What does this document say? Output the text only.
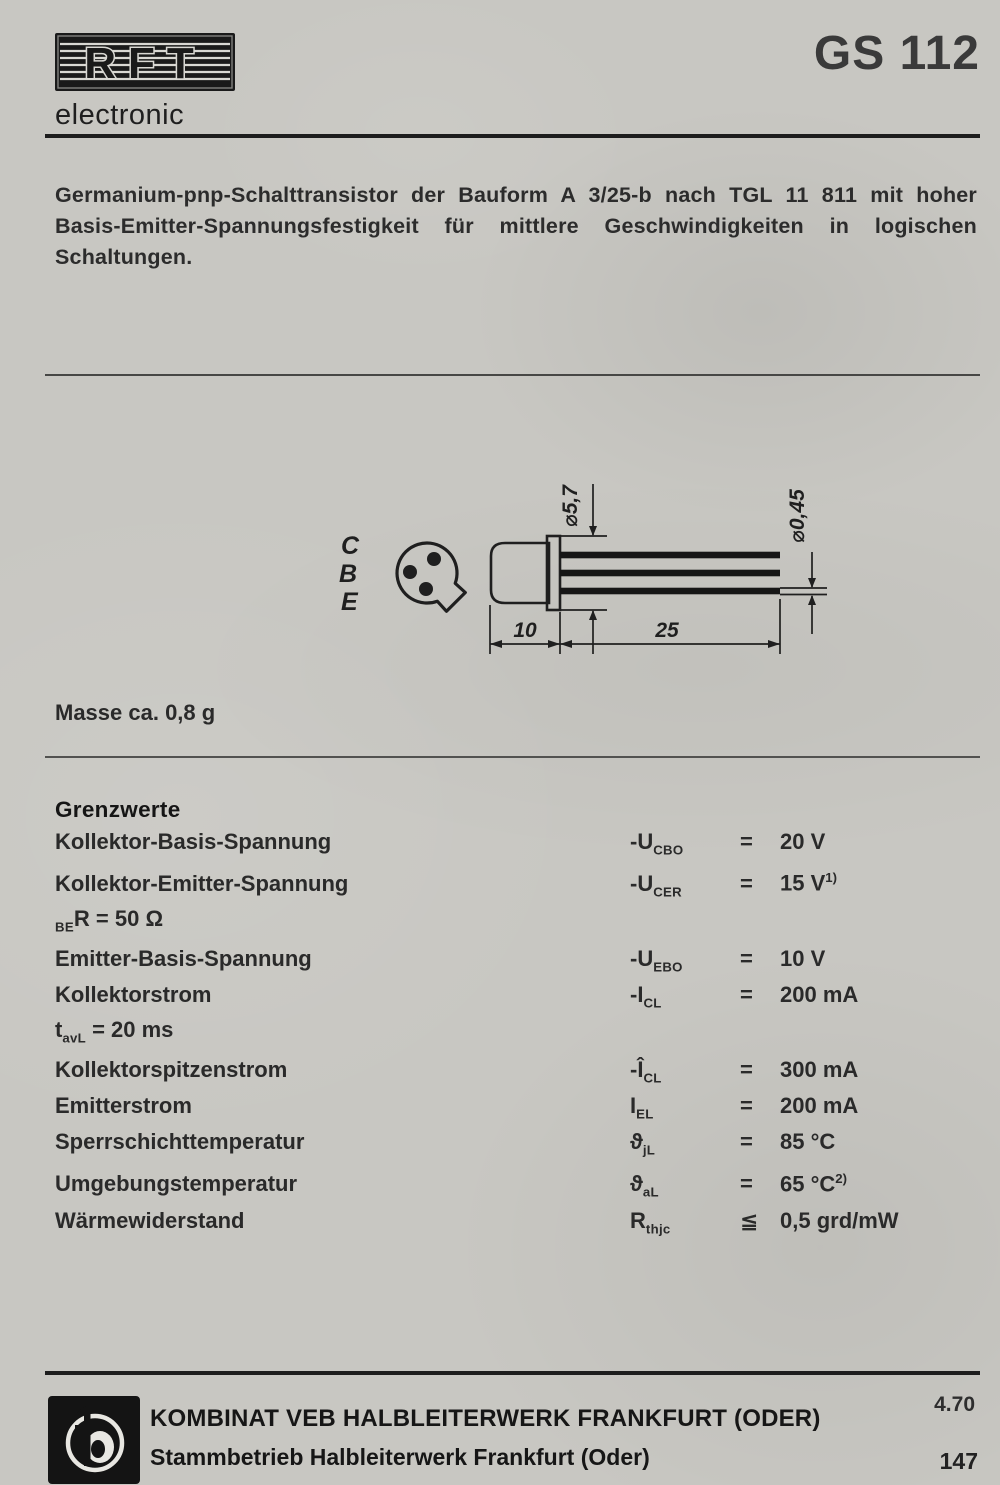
RFT
electronic
GS 112

Germanium-pnp-Schalttransistor der Bauform A 3/25-b nach TGL 11 811 mit hoher Basis-Emitter-Spannungsfestigkeit für mittlere Geschwindigkeiten in logischen Schaltungen.

C
B
E
⌀5,7	⌀0,45
10	25
Masse ca. 0,8 g
Grenzwerte
Kollektor-Basis-Spannung	$-U_{CBO}$	=	20 V
Kollektor-Emitter-Spannung	$-U_{CER}$	=	15 $V^{1)}$
$_{BE}$R = 50 Ω
Emitter-Basis-Spannung	$-U_{EBO}$	=	10 V
Kollektorstrom	$-I_{CL}$	=	200 mA
$t_{avL} = 20$ ms
Kollektorspitzenstrom	$-Î_{CL}$	=	300 mA
Emitterstrom	$I_{EL}$	=	200 mA
Sperrschichttemperatur	$ϑ_{jL}$	=	85 °C
Umgebungstemperatur	$ϑ_{aL}$	=	65 $^\circ C^{2)}$
Wärmewiderstand	$R_{thjc}$	≦ 0,5 grd/mW
KOMBINAT VEB HALBLEITERWERK FRANKFURT (ODER)
Stammbetrieb Halbleiterwerk Frankfurt (Oder)
4.70
147
